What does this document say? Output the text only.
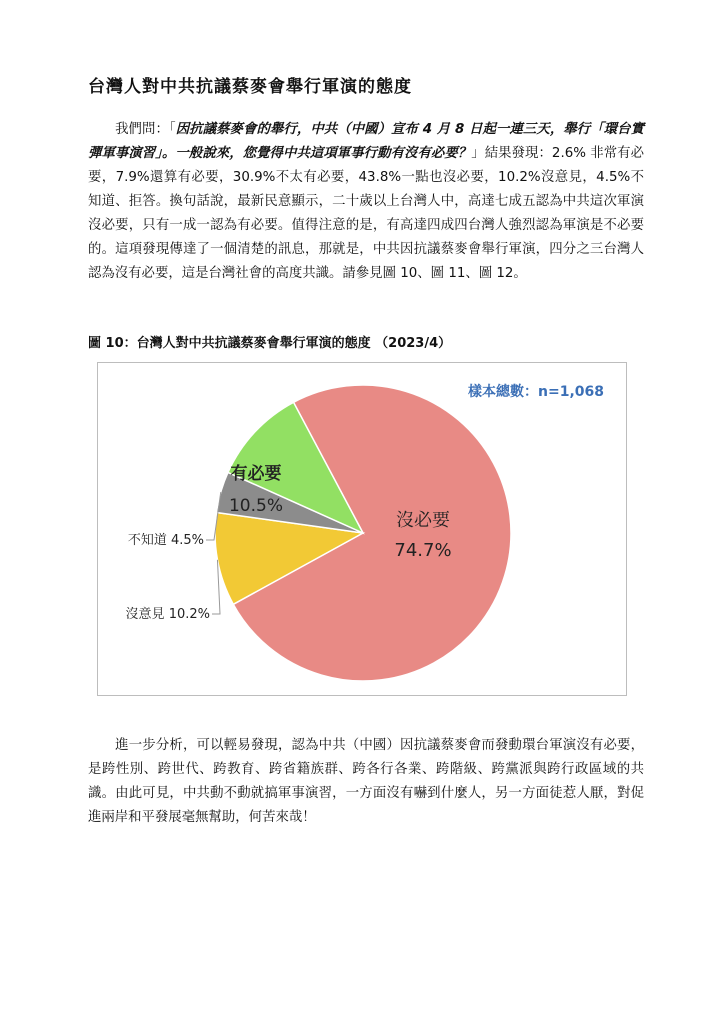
台灣人對中共抗議蔡麥會舉行軍演的態度

我們問：「因抗議蔡麥會的舉行，中共（中國）宣布 4 月 8 日起一連三天，舉行「環台實彈軍事演習」。一般說來，您覺得中共這項軍事行動有沒有必要？」結果發現：2.6% 非常有必要，7.9%還算有必要，30.9%不太有必要，43.8%一點也沒必要，10.2%沒意見，4.5%不知道、拒答。換句話說，最新民意顯示，二十歲以上台灣人中，高達七成五認為中共這次軍演沒必要，只有一成一認為有必要。值得注意的是，有高達四成四台灣人強烈認為軍演是不必要的。這項發現傳達了一個清楚的訊息，那就是，中共因抗議蔡麥會舉行軍演，四分之三台灣人認為沒有必要，這是台灣社會的高度共識。請參見圖 10、圖 11、圖 12。

圖 10：台灣人對中共抗議蔡麥會舉行軍演的態度 （2023/4）
沒必要
74.7%
有必要
10.5%
不知道 4.5%
沒意見 10.2%
樣本總數：n=1,068

進一步分析，可以輕易發現，認為中共（中國）因抗議蔡麥會而發動環台軍演沒有必要，是跨性別、跨世代、跨教育、跨省籍族群、跨各行各業、跨階級、跨黨派與跨行政區域的共識。由此可見，中共動不動就搞軍事演習，一方面沒有嚇到什麼人，另一方面徒惹人厭，對促進兩岸和平發展毫無幫助，何苦來哉！
